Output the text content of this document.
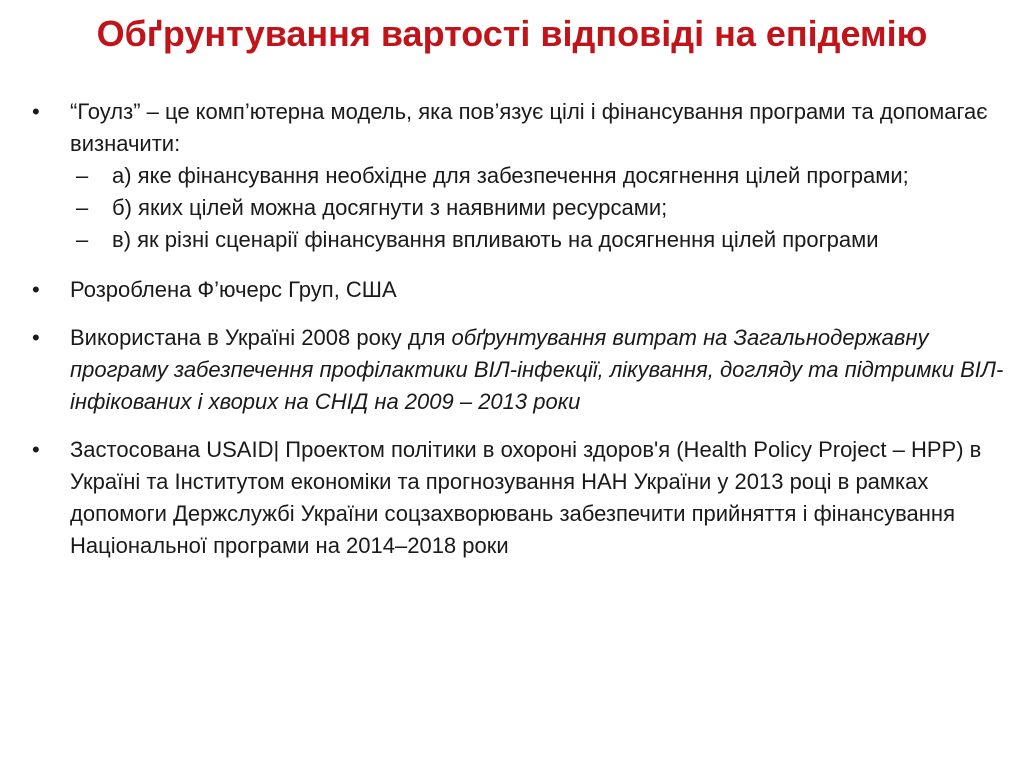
Обґрунтування вартості відповіді на епідемію
•	“Гоулз” – це комп’ютерна модель, яка пов’язує цілі і фінансування програми та допомагає визначити:
–	а) яке фінансування необхідне для забезпечення досягнення цілей програми;
–	б) яких цілей можна досягнути з наявними ресурсами;
–	в) як різні сценарії фінансування впливають на досягнення цілей програми
•	Розроблена Ф’ючерс Груп, США
•	Використана в Україні 2008 року для обґрунтування витрат на Загальнодержавну програму забезпечення профілактики ВІЛ-інфекції, лікування, догляду та підтримки ВІЛ-інфікованих і хворих на СНІД на 2009 – 2013 роки
•	Застосована USAID| Проектом політики в охороні здоров'я (Health Policy Project – HPP) в Україні та Інститутом економіки та прогнозування НАН України у 2013 році в рамках допомоги Держслужбі України соцзахворювань забезпечити прийняття і фінансування Національної програми на 2014–2018 роки
